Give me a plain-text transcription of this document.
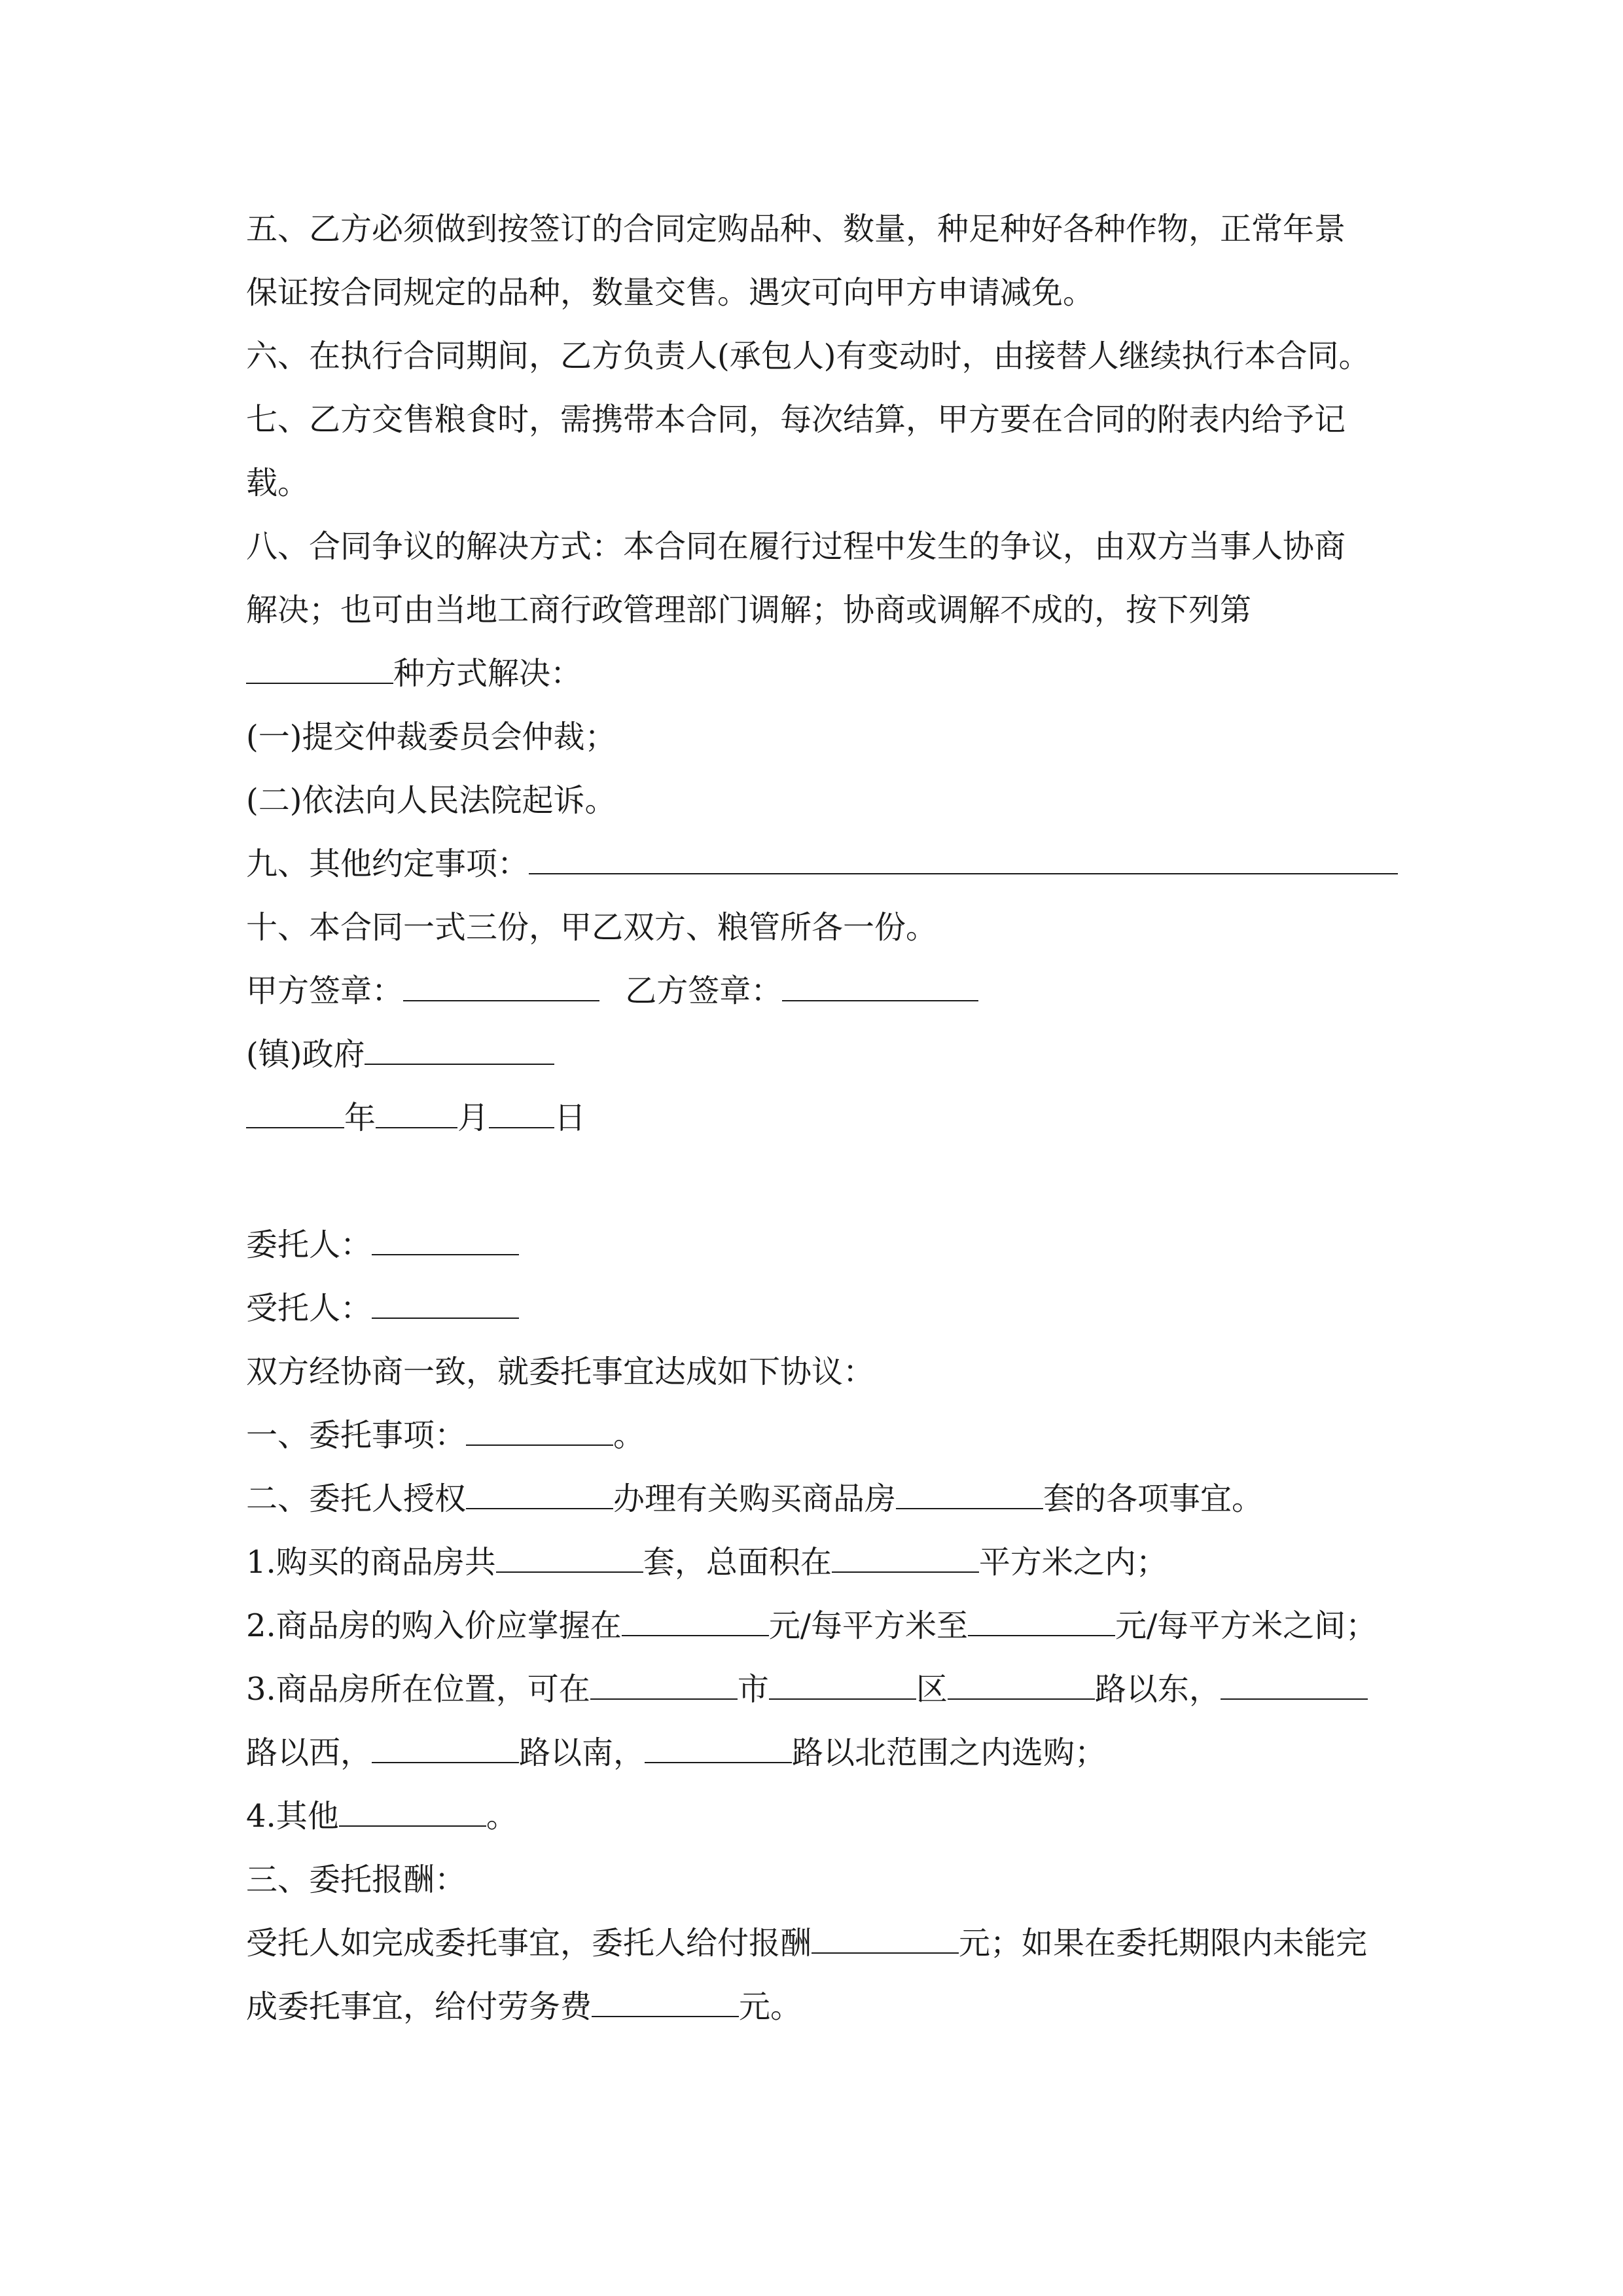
五、乙方必须做到按签订的合同定购品种、数量，种足种好各种作物，正常年景
保证按合同规定的品种，数量交售。遇灾可向甲方申请减免。
六、在执行合同期间，乙方负责人(承包人)有变动时，由接替人继续执行本合同。
七、乙方交售粮食时，需携带本合同，每次结算，甲方要在合同的附表内给予记
载。
八、合同争议的解决方式：本合同在履行过程中发生的争议，由双方当事人协商
解决；也可由当地工商行政管理部门调解；协商或调解不成的，按下列第
种方式解决：
(一)提交仲裁委员会仲裁；
(二)依法向人民法院起诉。
九、其他约定事项：
十、本合同一式三份，甲乙双方、粮管所各一份。
甲方签章：	乙方签章：
(镇)政府
年	月 日
委托人：
受托人：
双方经协商一致，就委托事宜达成如下协议：
一、委托事项：	。
二、委托人授权	办理有关购买商品房	套的各项事宜。
1.购买的商品房共	套，总面积在	平方米之内；
2.商品房的购入价应掌握在	元/每平方米至	元/每平方米之间；
3.商品房所在位置，可在	市	区	路以东，
路以西，	路以南，	路以北范围之内选购；
4.其他	。
三、委托报酬：
受托人如完成委托事宜，委托人给付报酬	元；如果在委托期限内未能完
成委托事宜，给付劳务费	元。
